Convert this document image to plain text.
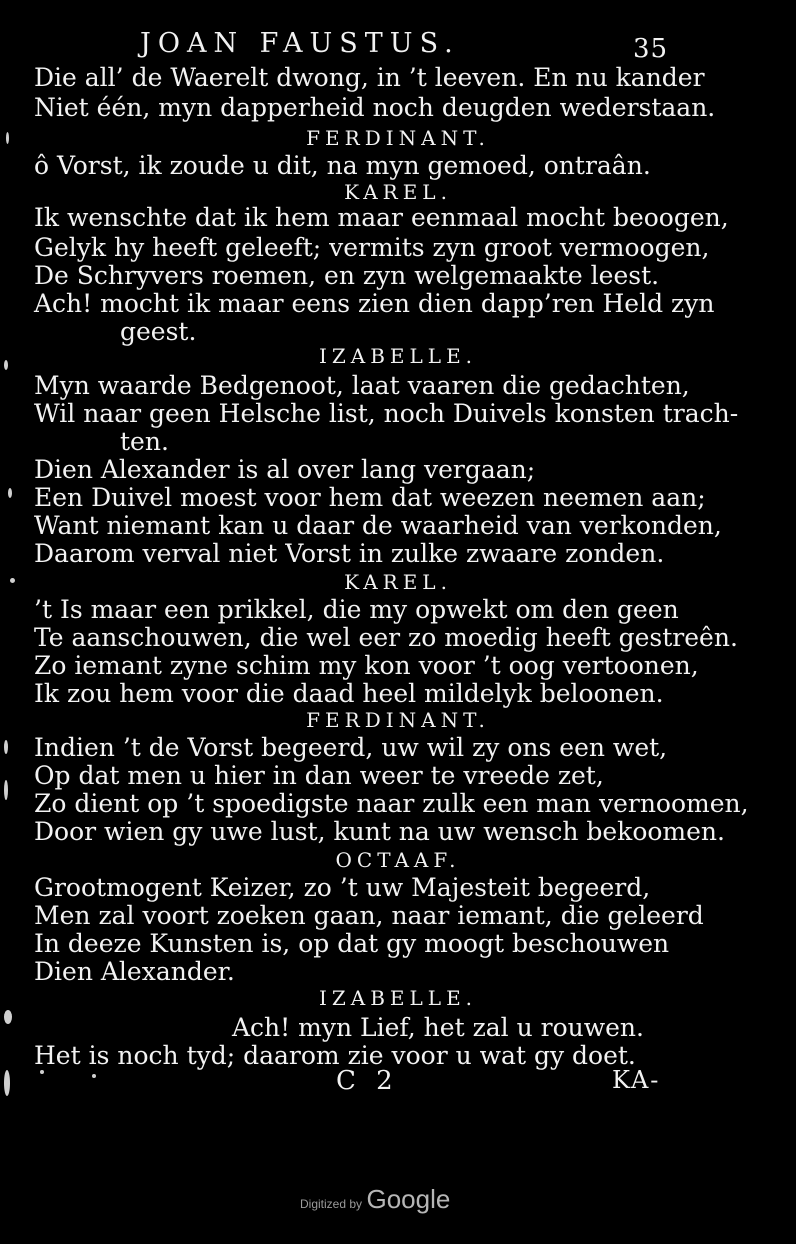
JOAN FAUSTUS.	35
Die all’ de Waerelt dwong, in ’t leeven. En nu kander
Niet één, myn dapperheid noch deugden wederstaan.
FERDINANT.
ô Vorst, ik zoude u dit, na myn gemoed, ontraân.
KAREL.
Ik wenschte dat ik hem maar eenmaal mocht beoogen,
Gelyk hy heeft geleeft; vermits zyn groot vermoogen,
De Schryvers roemen, en zyn welgemaakte leest.
Ach! mocht ik maar eens zien dien dapp’ren Held zyn
geest.
IZABELLE.
Myn waarde Bedgenoot, laat vaaren die gedachten,
Wil naar geen Helsche list, noch Duivels konsten trach-
ten.
Dien Alexander is al over lang vergaan;
Een Duivel moest voor hem dat weezen neemen aan;
Want niemant kan u daar de waarheid van verkonden,
Daarom verval niet Vorst in zulke zwaare zonden.
KAREL.
’t Is maar een prikkel, die my opwekt om den geen
Te aanschouwen, die wel eer zo moedig heeft gestreên.
Zo iemant zyne schim my kon voor ’t oog vertoonen,
Ik zou hem voor die daad heel mildelyk beloonen.
FERDINANT.
Indien ’t de Vorst begeerd, uw wil zy ons een wet,
Op dat men u hier in dan weer te vreede zet,
Zo dient op ’t spoedigste naar zulk een man vernoomen,
Door wien gy uwe lust, kunt na uw wensch bekoomen.
OCTAAF.
Grootmogent Keizer, zo ’t uw Majesteit begeerd,
Men zal voort zoeken gaan, naar iemant, die geleerd
In deeze Kunsten is, op dat gy moogt beschouwen
Dien Alexander.
IZABELLE.
Ach! myn Lief, het zal u rouwen.
Het is noch tyd; daarom zie voor u wat gy doet.
C 2	KA-
Digitized by Google
